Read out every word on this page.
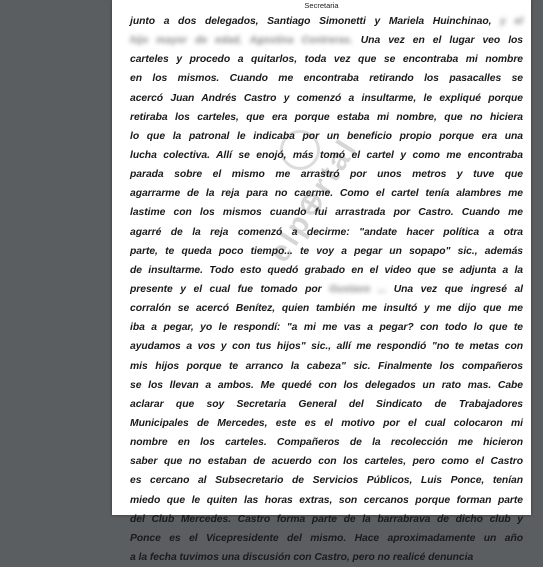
Secretaria
elp⊕rtal
junto a dos delegados, Santiago Simonetti y Mariela Huinchinao, y el
hijo mayor de edad, Agostina Contreras. Una vez en el lugar veo los
carteles y procedo a quitarlos, toda vez que se encontraba mi nombre
en los mismos. Cuando me encontraba retirando los pasacalles se
acercó Juan Andrés Castro y comenzó a insultarme, le expliqué porque
retiraba los carteles, que era porque estaba mi nombre, que no hiciera
lo que la patronal le indicaba por un beneficio propio porque era una
lucha colectiva. Allí se enojó, más tomó el cartel y como me encontraba
parada sobre el mismo me arrastró por unos metros y tuve que
agarrarme de la reja para no caerme. Como el cartel tenía alambres me
lastime con los mismos cuando fui arrastrada por Castro. Cuando me
agarré de la reja comenzó a decirme: "andate hacer política a otra
parte, te queda poco tiempo... te voy a pegar un sopapo" sic., además
de insultarme. Todo esto quedó grabado en el video que se adjunta a la
presente y el cual fue tomado por Gustavo ... Una vez que ingresé al
corralón se acercó Benítez, quien también me insultó y me dijo que me
iba a pegar, yo le respondí: "a mi me vas a pegar? con todo lo que te
ayudamos a vos y con tus hijos" sic., allí me respondió "no te metas con
mis hijos porque te arranco la cabeza" sic. Finalmente los compañeros
se los llevan a ambos. Me quedé con los delegados un rato mas. Cabe
aclarar que soy Secretaria General del Sindicato de Trabajadores
Municipales de Mercedes, este es el motivo por el cual colocaron mi
nombre en los carteles. Compañeros de la recolección me hicieron
saber que no estaban de acuerdo con los carteles, pero como el Castro
es cercano al Subsecretario de Servicios Públicos, Luis Ponce, tenían
miedo que le quiten las horas extras, son cercanos porque forman parte
del Club Mercedes. Castro forma parte de la barrabrava de dicho club y
Ponce es el Vicepresidente del mismo. Hace aproximadamente un año
a la fecha tuvimos una discusión con Castro, pero no realicé denuncia
